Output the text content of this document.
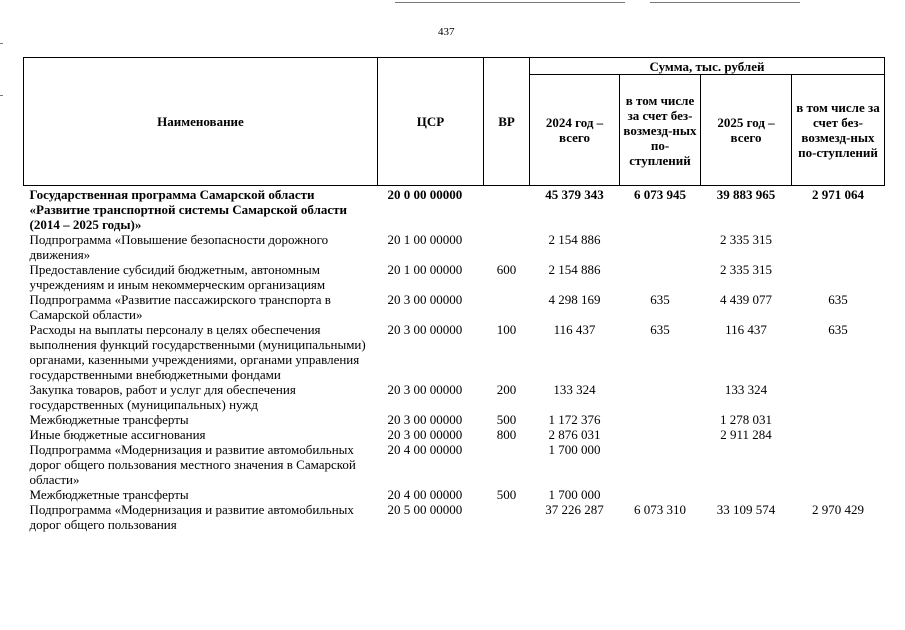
437
Наименование	ЦСР	ВР	Сумма, тыс. рублей			
			2024 год – всего	в том числе за счет без-возмезд-ных по-ступлений	2025 год – всего	в том числе за счет без-возмезд-ных по-ступлений
Государственная программа Самарской области «Развитие транспортной системы Самарской области (2014 – 2025 годы)»	20 0 00 00000		45 379 343	6 073 945	39 883 965	2 971 064
Подпрограмма «Повышение безопасности дорожного движения»	20 1 00 00000		2 154 886		2 335 315	
Предоставление субсидий бюджетным, автономным учреждениям и иным некоммерческим организациям	20 1 00 00000	600	2 154 886		2 335 315	
Подпрограмма «Развитие пассажирского транспорта в Самарской области»	20 3 00 00000		4 298 169	635	4 439 077	635
Расходы на выплаты персоналу в целях обеспечения выполнения функций государственными (муниципальными) органами, казенными учреждениями, органами управления государственными внебюджетными фондами	20 3 00 00000	100	116 437	635	116 437	635
Закупка товаров, работ и услуг для обеспечения государственных (муниципальных) нужд	20 3 00 00000	200	133 324		133 324	
Межбюджетные трансферты	20 3 00 00000	500	1 172 376		1 278 031	
Иные бюджетные ассигнования	20 3 00 00000	800	2 876 031		2 911 284	
Подпрограмма «Модернизация и развитие автомобильных дорог общего пользования местного значения в Самарской области»	20 4 00 00000		1 700 000			
Межбюджетные трансферты	20 4 00 00000	500	1 700 000			
Подпрограмма «Модернизация и развитие автомобильных дорог общего пользования	20 5 00 00000		37 226 287	6 073 310	33 109 574	2 970 429
